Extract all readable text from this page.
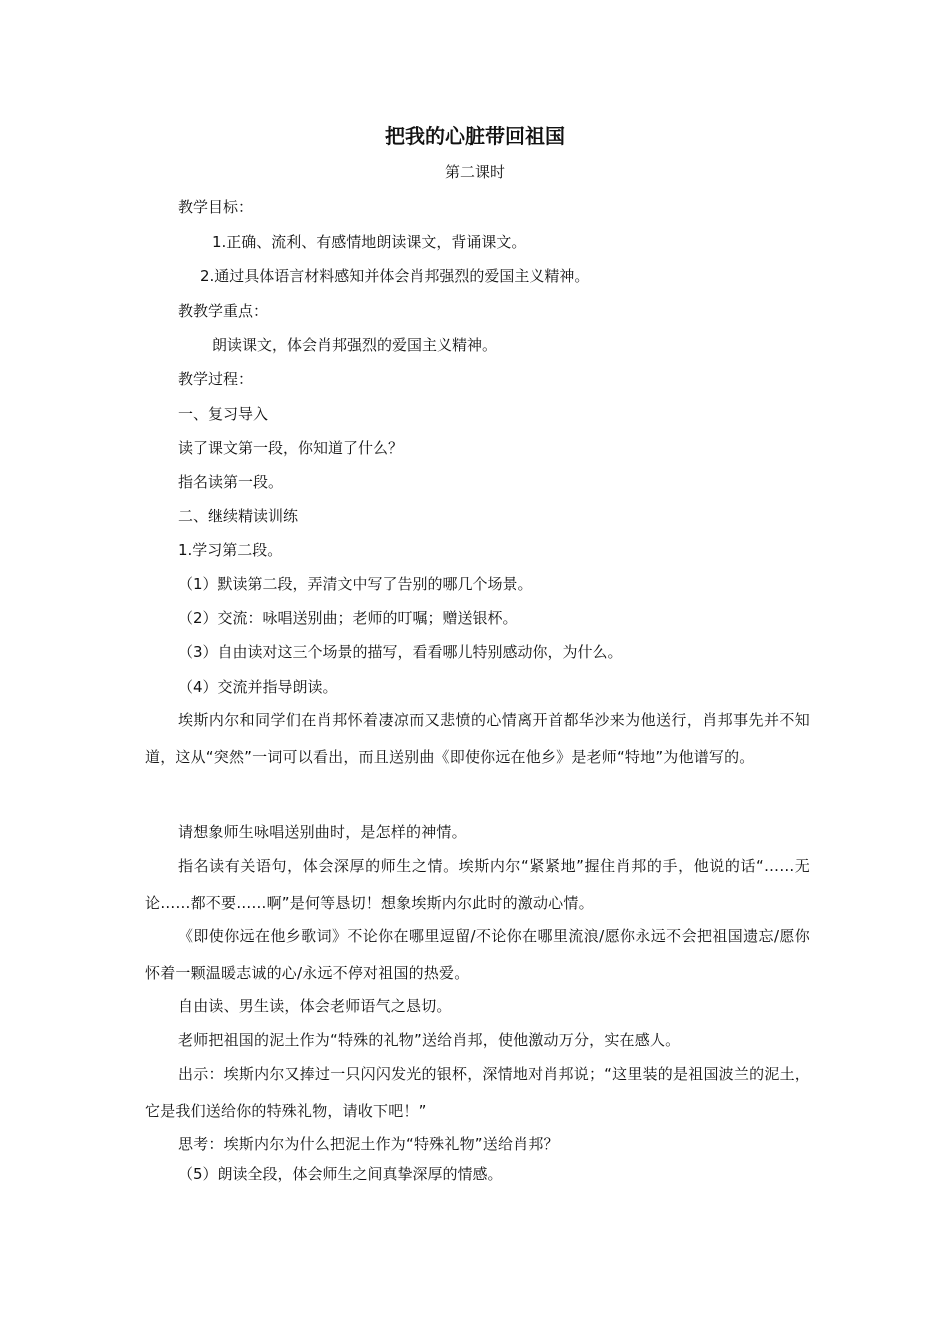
把我的心脏带回祖国
第二课时
教学目标：
1.正确、流利、有感情地朗读课文，背诵课文。
2.通过具体语言材料感知并体会肖邦强烈的爱国主义精神。
教教学重点：
朗读课文，体会肖邦强烈的爱国主义精神。
教学过程：
一、复习导入
读了课文第一段，你知道了什么？
指名读第一段。
二、继续精读训练
1.学习第二段。
（1）默读第二段，弄清文中写了告别的哪几个场景。
（2）交流：咏唱送别曲；老师的叮嘱；赠送银杯。
（3）自由读对这三个场景的描写，看看哪儿特别感动你，为什么。
（4）交流并指导朗读。
埃斯内尔和同学们在肖邦怀着凄凉而又悲愤的心情离开首都华沙来为他送行，肖邦事先并不知道，这从“突然”一词可以看出，而且送别曲《即使你远在他乡》是老师“特地”为他谱写的。
请想象师生咏唱送别曲时，是怎样的神情。
指名读有关语句，体会深厚的师生之情。埃斯内尔“紧紧地”握住肖邦的手，他说的话“……无论……都不要……啊”是何等恳切！想象埃斯内尔此时的激动心情。
《即使你远在他乡歌词》不论你在哪里逗留/不论你在哪里流浪/愿你永远不会把祖国遗忘/愿你怀着一颗温暖志诚的心/永远不停对祖国的热爱。
自由读、男生读，体会老师语气之恳切。
老师把祖国的泥土作为“特殊的礼物”送给肖邦，使他激动万分，实在感人。
出示：埃斯内尔又捧过一只闪闪发光的银杯，深情地对肖邦说；“这里装的是祖国波兰的泥土，它是我们送给你的特殊礼物，请收下吧！”
思考：埃斯内尔为什么把泥土作为“特殊礼物”送给肖邦？
（5）朗读全段，体会师生之间真挚深厚的情感。
